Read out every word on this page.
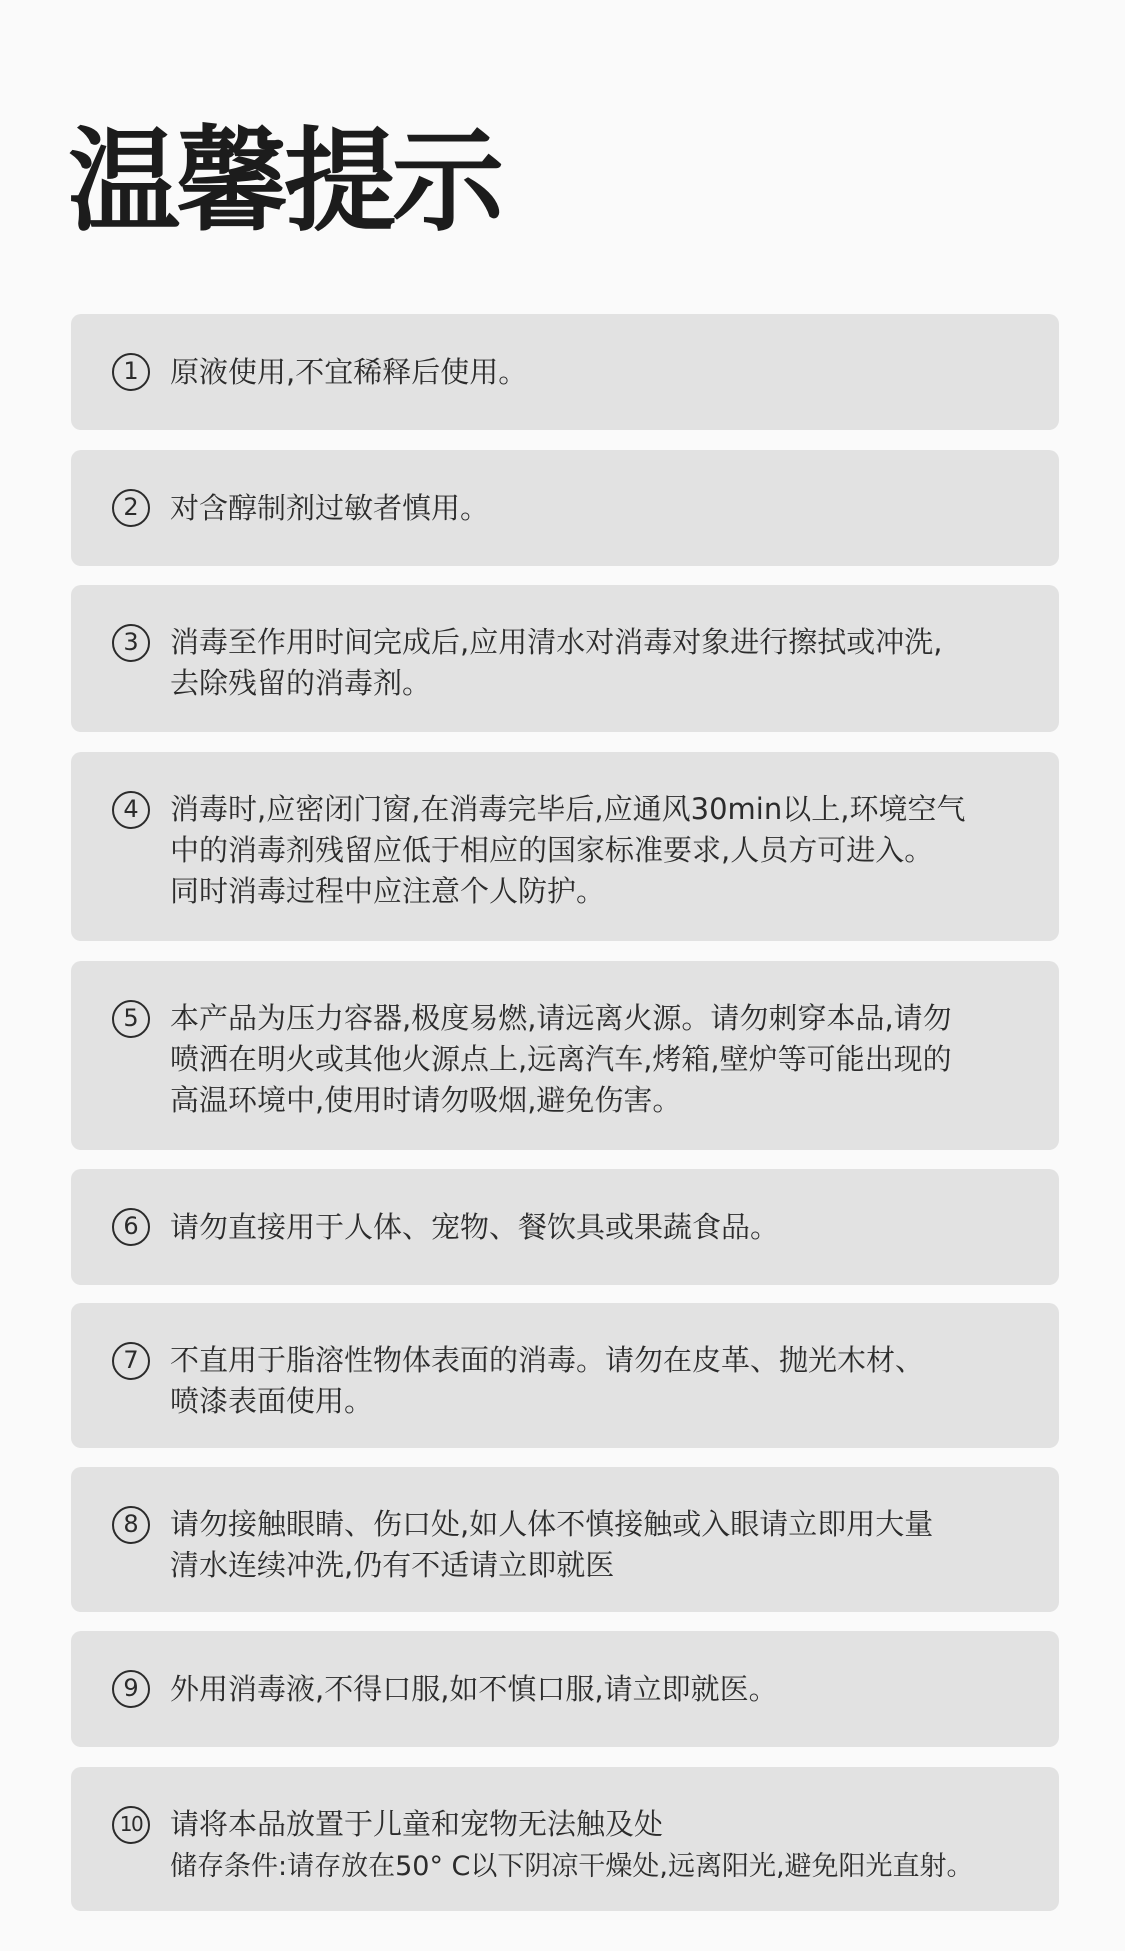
温馨提示
1	原液使用,不宜稀释后使用。

2	对含醇制剂过敏者慎用。

3	消毒至作用时间完成后,应用清水对消毒对象进行擦拭或冲洗,
去除残留的消毒剂。

4	消毒时,应密闭门窗,在消毒完毕后,应通风30min以上,环境空气
中的消毒剂残留应低于相应的国家标准要求,人员方可进入。
同时消毒过程中应注意个人防护。

5	本产品为压力容器,极度易燃,请远离火源。请勿刺穿本品,请勿
喷洒在明火或其他火源点上,远离汽车,烤箱,壁炉等可能出现的
高温环境中,使用时请勿吸烟,避免伤害。

6	请勿直接用于人体、宠物、餐饮具或果蔬食品。

7	不直用于脂溶性物体表面的消毒。请勿在皮革、抛光木材、
喷漆表面使用。

8	请勿接触眼睛、伤口处,如人体不慎接触或入眼请立即用大量
清水连续冲洗,仍有不适请立即就医

9	外用消毒液,不得口服,如不慎口服,请立即就医。

10 请将本品放置于儿童和宠物无法触及处

储存条件:请存放在50° C以下阴凉干燥处,远离阳光,避免阳光直射。
